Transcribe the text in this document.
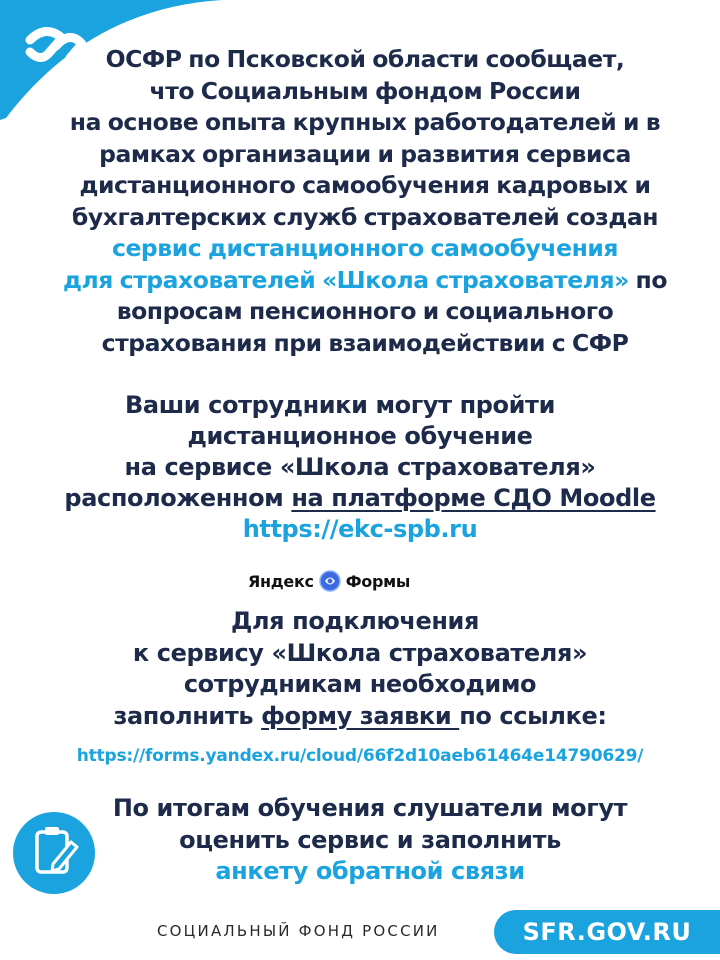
ОСФР по Псковской области сообщает,
что Социальным фондом России
на основе опыта крупных работодателей и в
рамках организации и развития сервиса
дистанционного самообучения кадровых и
бухгалтерских служб страхователей создан
сервис дистанционного самообучения
для страхователей «Школа страхователя» по
вопросам пенсионного и социального
страхования при взаимодействии с СФР
Ваши сотрудники могут пройти
дистанционное обучение
на сервисе «Школа страхователя»
расположенном на платформе СДО Moodle
https://ekc-spb.ru
Яндекс Формы
Для подключения
к сервису «Школа страхователя»
сотрудникам необходимо
заполнить форму заявки по ссылке:
https://forms.yandex.ru/cloud/66f2d10aeb61464e14790629/
По итогам обучения слушатели могут
оценить сервис и заполнить
анкету обратной связи
СОЦИАЛЬНЫЙ ФОНД РОССИИ	SFR.GOV.RU
